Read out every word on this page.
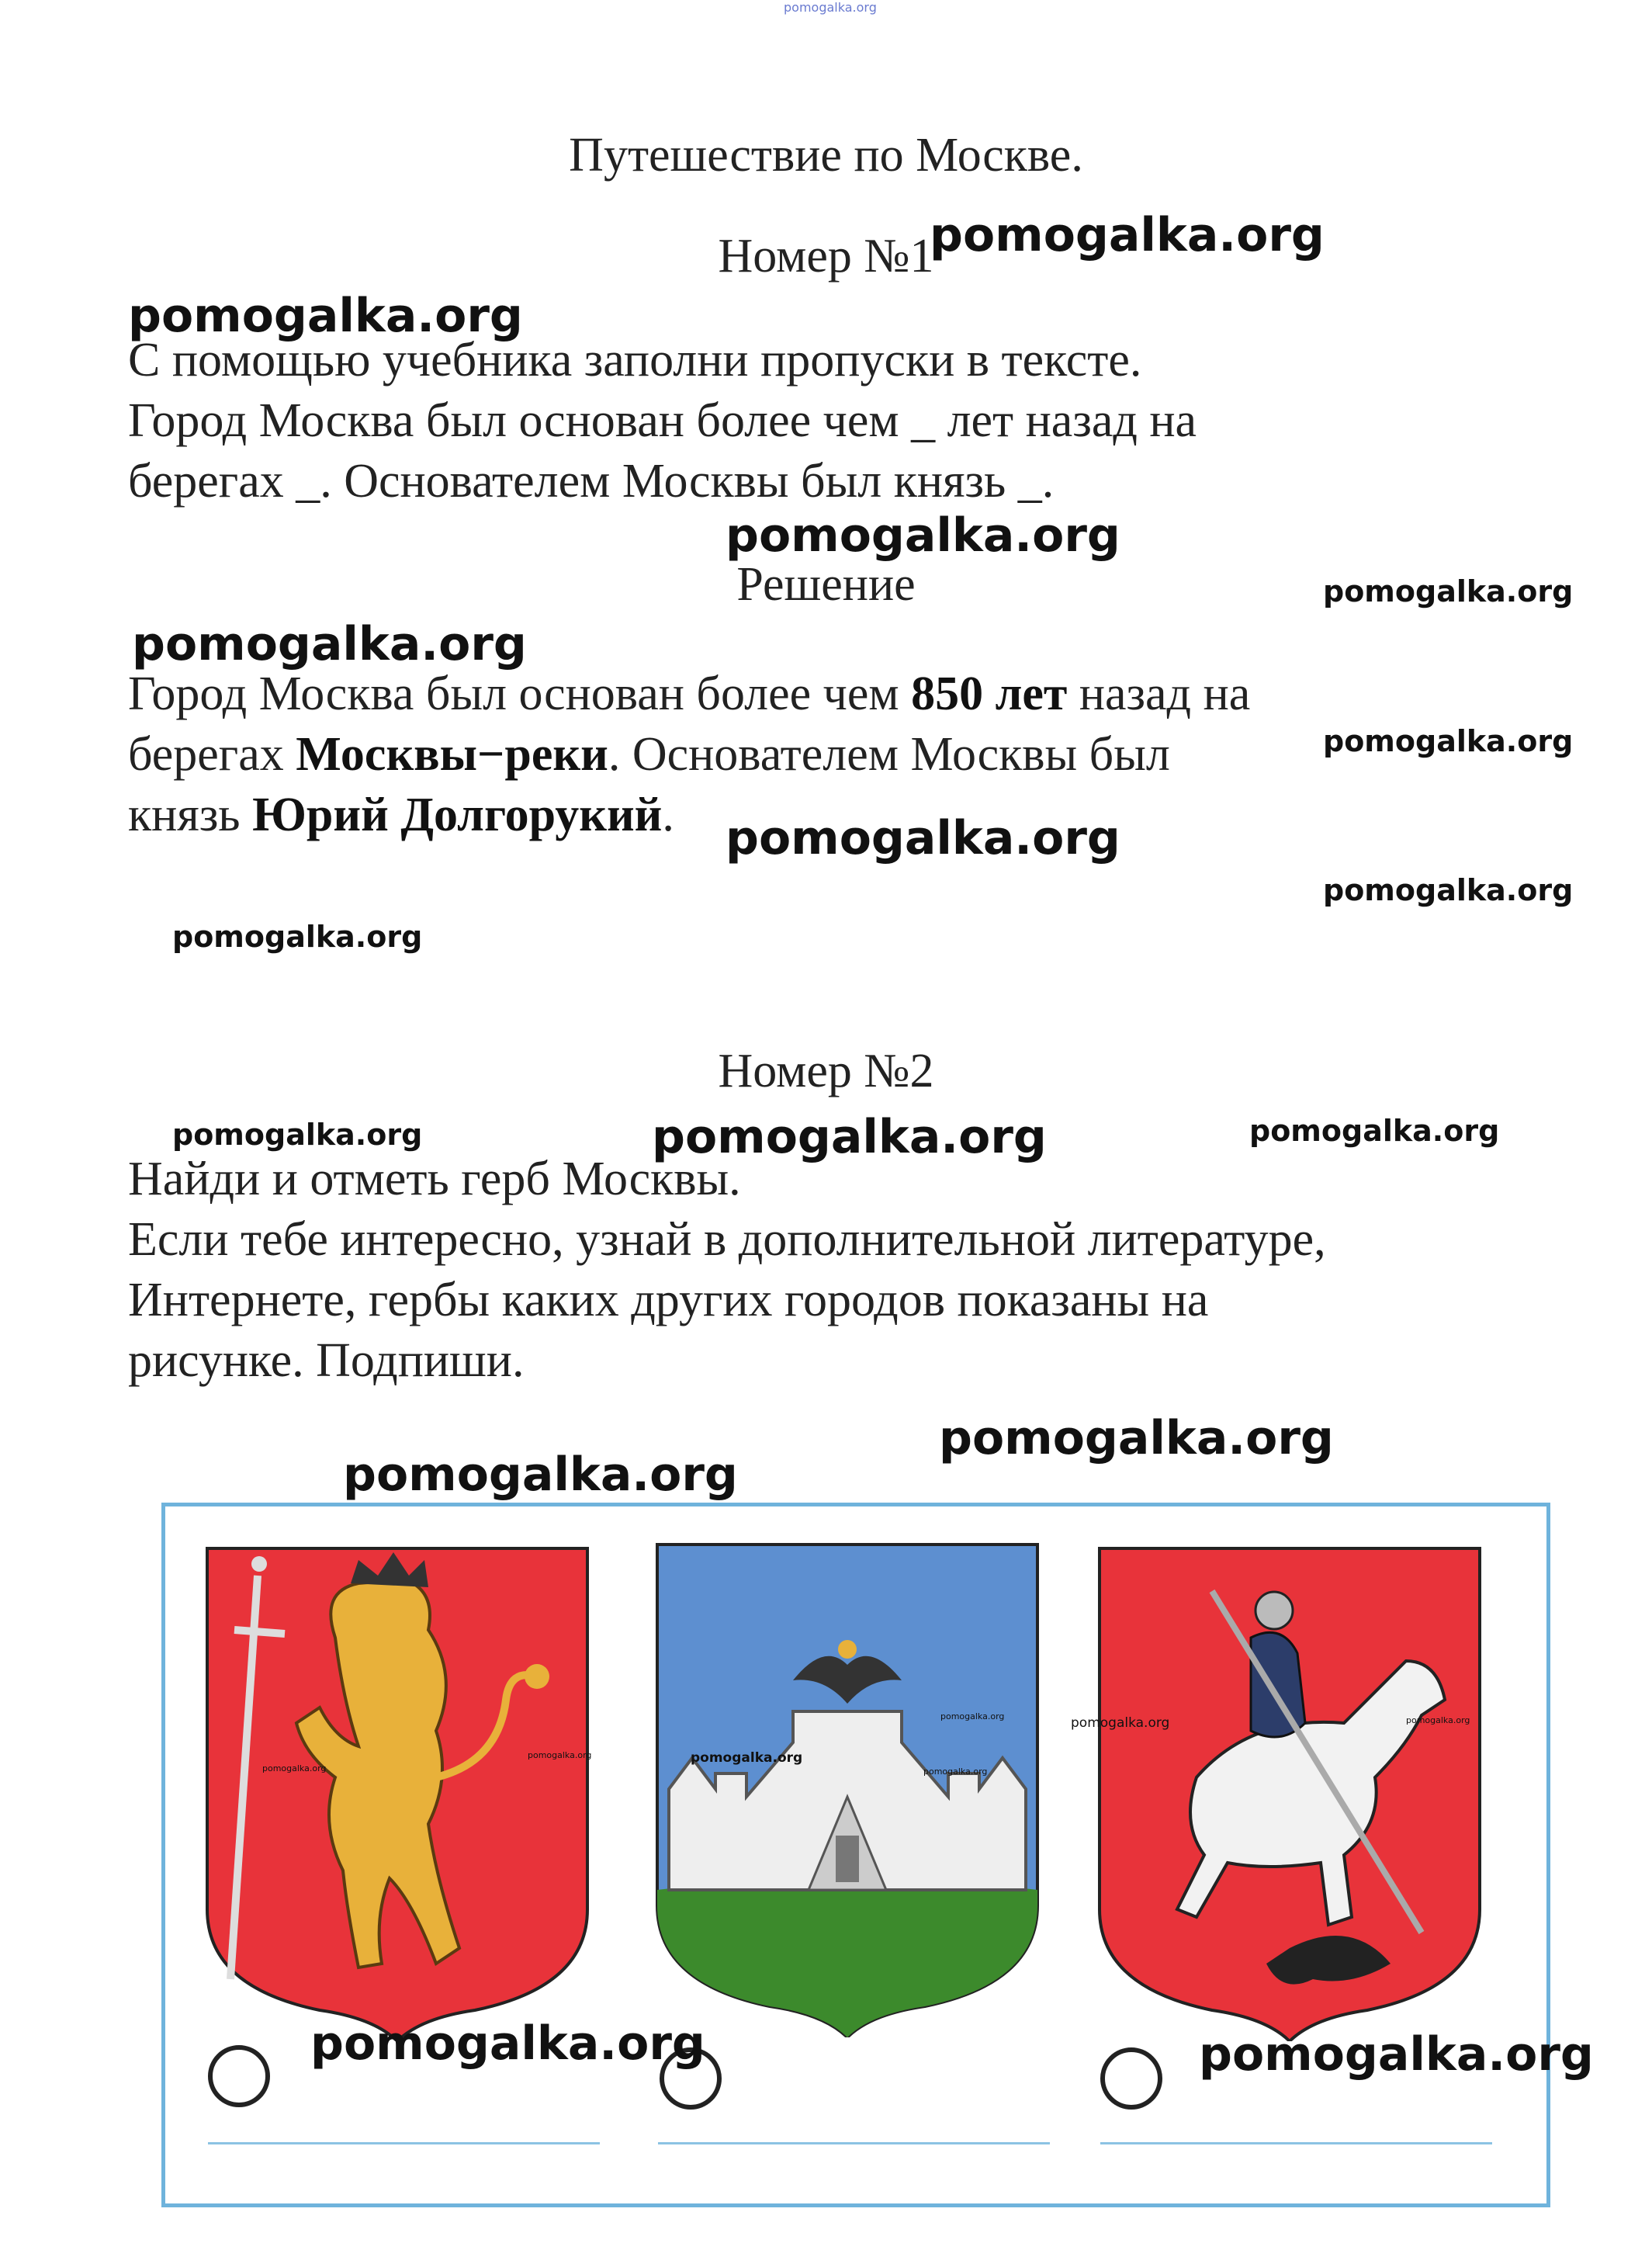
pomogalka.org
Путешествие по Москве.
Номер №1
С помощью учебника заполни пропуски в тексте.
Город Москва был основан более чем _ лет назад на
берегах _. Основателем Москвы был князь _.
Решение
Город Москва был основан более чем 850 лет назад на
берегах Москвы−реки. Основателем Москвы был
князь Юрий Долгорукий.
Номер №2
Найди и отметь герб Москвы.
Если тебе интересно, узнай в дополнительной литературе,
Интернете, гербы каких других городов показаны на
рисунке. Подпиши.
pomogalka.org
pomogalka.org
pomogalka.org
pomogalka.org
pomogalka.org
pomogalka.org
pomogalka.org
pomogalka.org
pomogalka.org
pomogalka.org	pomogalka.org	pomogalka.org
pomogalka.org
pomogalka.org
pomogalka.org	pomogalka.org
pomogalka.org
pomogalka.org
pomogalka.org
pomogalka.org
pomogalka.org
pomogalka.org	pomogalka.org
